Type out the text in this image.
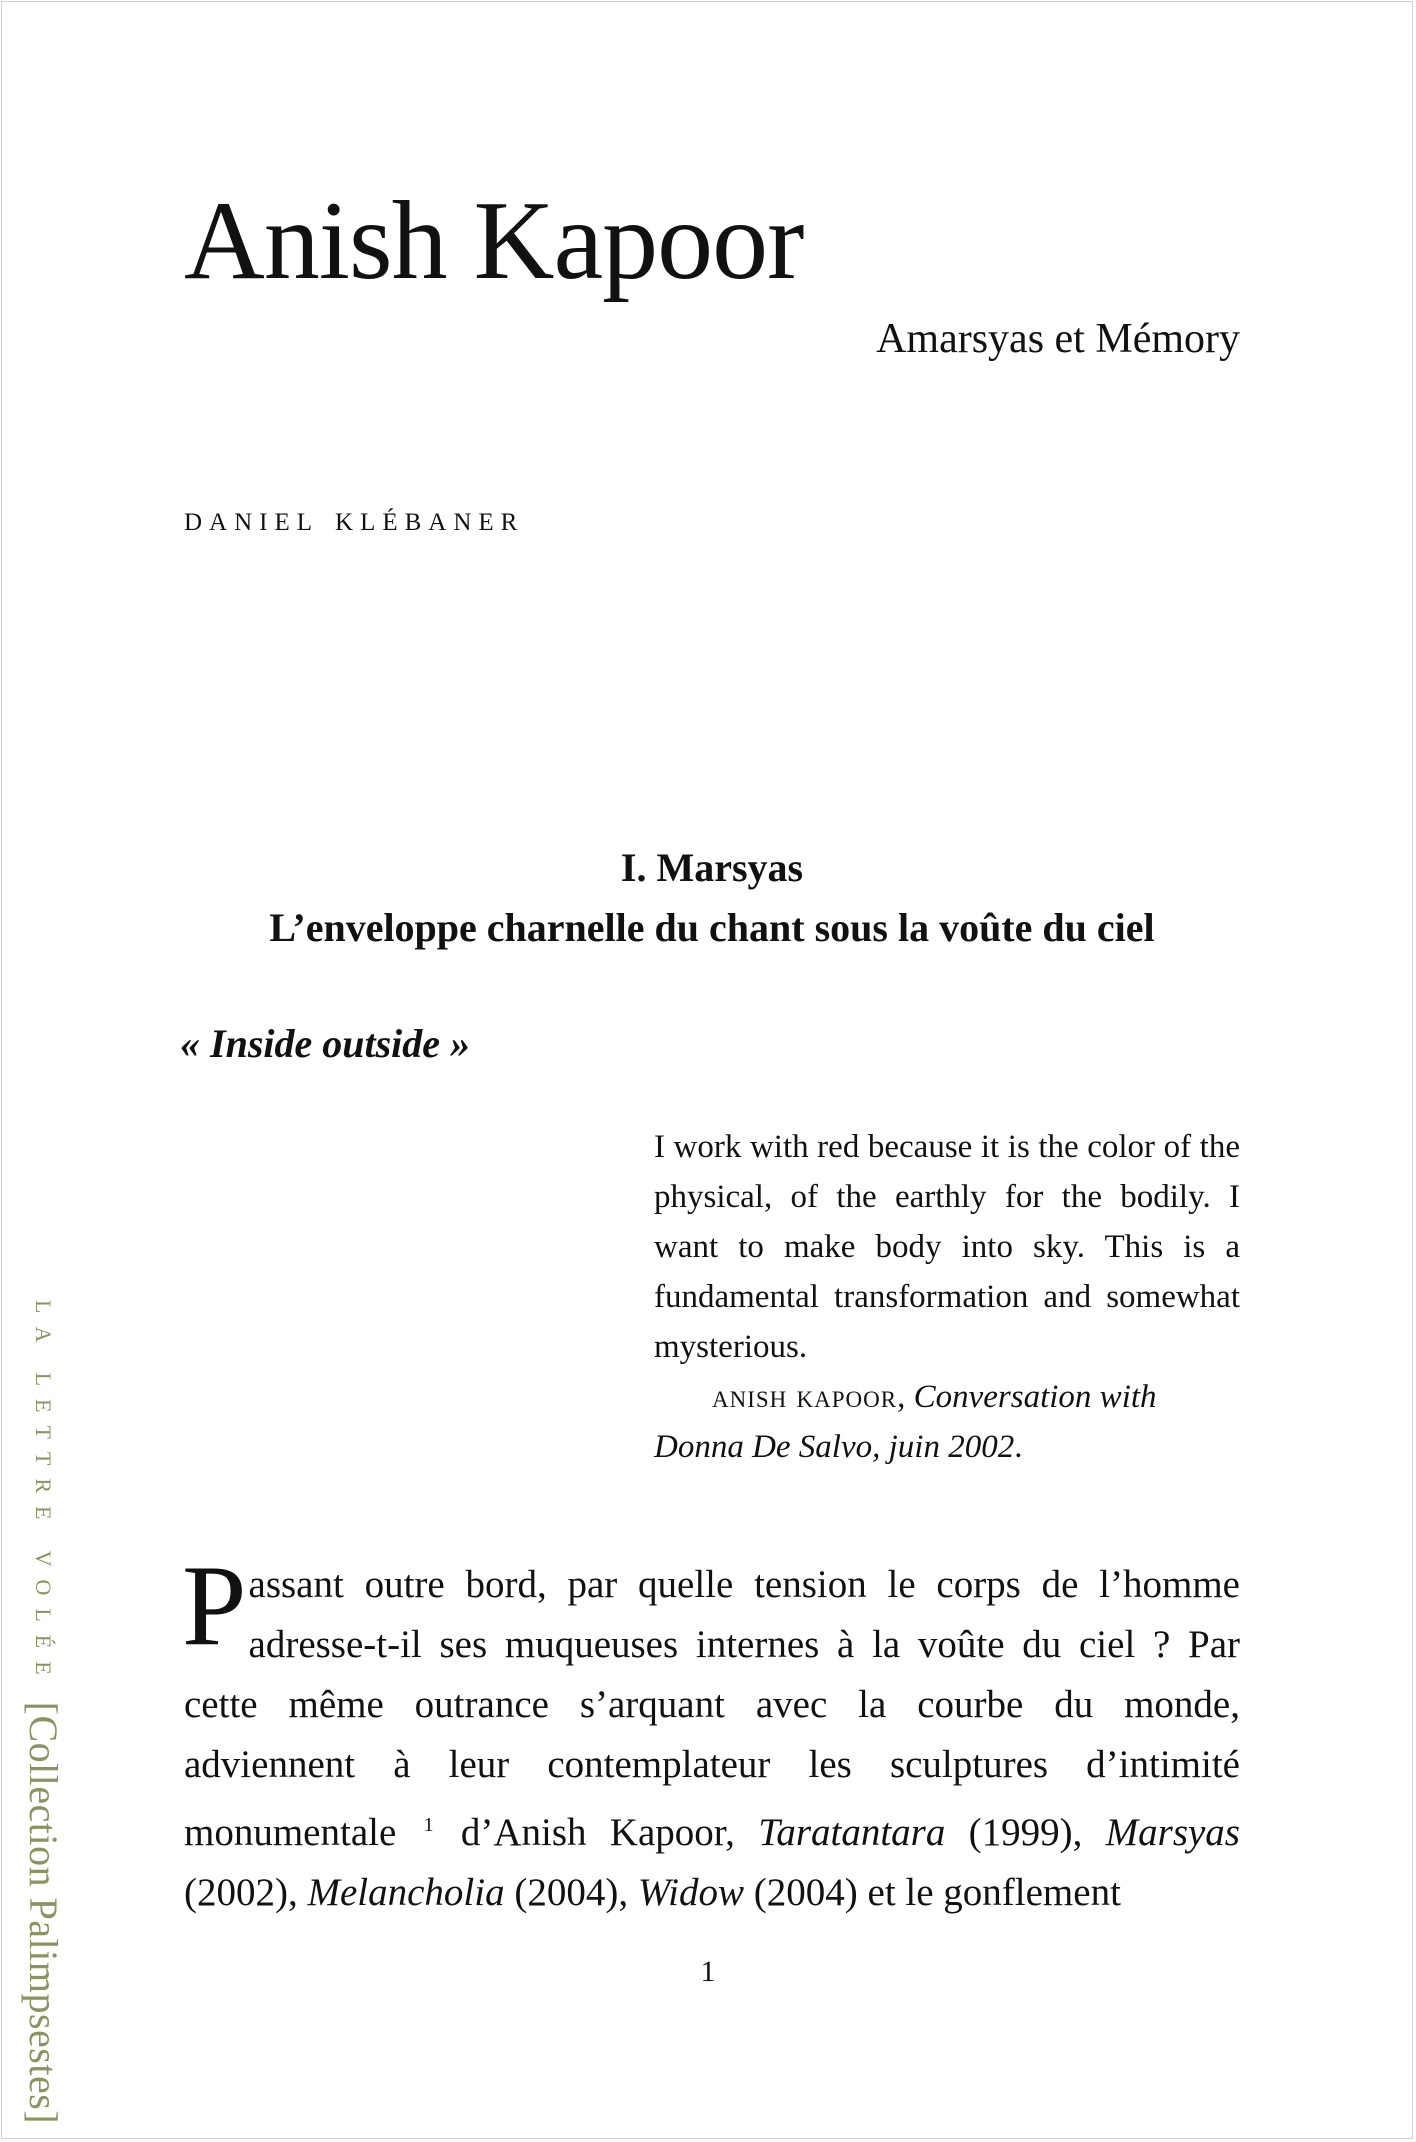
Anish Kapoor

Amarsyas et Mémory

daniel klébaner

I. Marsyas
L’enveloppe charnelle du chant sous la voûte du ciel

« Inside outside »

I work with red because it is the color of the physical, of the earthly for the bodily. I want to make body into sky. This is a fundamental transformation and somewhat mysterious.

anish kapoor, Conversation with Donna De Salvo, juin 2002.

Passant outre bord, par quelle tension le corps de l’homme adresse-t-il ses muqueuses internes à la voûte du ciel ? Par cette même outrance s’arquant avec la courbe du monde, adviennent à leur contemplateur les sculptures d’intimité monumentale $^1$ d’Anish Kapoor, Taratantara (1999), Marsyas (2002), Melancholia (2004), Widow (2004) et le gonflement

1

LA LETTRE VOLÉE
[Collection Palimpsestes]
